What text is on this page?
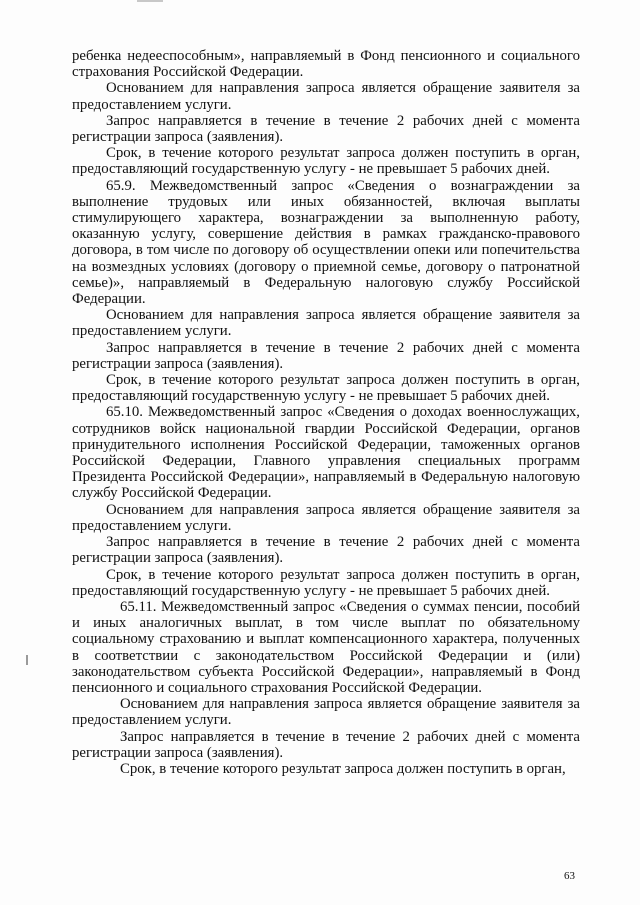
ребенка недееспособным», направляемый в Фонд пенсионного и социального страхования Российской Федерации.

Основанием для направления запроса является обращение заявителя за предоставлением услуги.

Запрос направляется в течение в течение 2 рабочих дней с момента регистрации запроса (заявления).

Срок, в течение которого результат запроса должен поступить в орган, предоставляющий государственную услугу - не превышает 5 рабочих дней.

65.9. Межведомственный запрос «Сведения о вознаграждении за выполнение трудовых или иных обязанностей, включая выплаты стимулирующего характера, вознаграждении за выполненную работу, оказанную услугу, совершение действия в рамках гражданско-правового договора, в том числе по договору об осуществлении опеки или попечительства на возмездных условиях (договору о приемной семье, договору о патронатной семье)», направляемый в Федеральную налоговую службу Российской Федерации.

Основанием для направления запроса является обращение заявителя за предоставлением услуги.

Запрос направляется в течение в течение 2 рабочих дней с момента регистрации запроса (заявления).

Срок, в течение которого результат запроса должен поступить в орган, предоставляющий государственную услугу - не превышает 5 рабочих дней.

65.10. Межведомственный запрос «Сведения о доходах военнослужащих, сотрудников войск национальной гвардии Российской Федерации, органов принудительного исполнения Российской Федерации, таможенных органов Российской Федерации, Главного управления специальных программ Президента Российской Федерации», направляемый в Федеральную налоговую службу Российской Федерации.

Основанием для направления запроса является обращение заявителя за предоставлением услуги.

Запрос направляется в течение в течение 2 рабочих дней с момента регистрации запроса (заявления).

Срок, в течение которого результат запроса должен поступить в орган, предоставляющий государственную услугу - не превышает 5 рабочих дней.

65.11. Межведомственный запрос «Сведения о суммах пенсии, пособий и иных аналогичных выплат, в том числе выплат по обязательному социальному страхованию и выплат компенсационного характера, полученных в соответствии с законодательством Российской Федерации и (или) законодательством субъекта Российской Федерации», направляемый в Фонд пенсионного и социального страхования Российской Федерации.

Основанием для направления запроса является обращение заявителя за предоставлением услуги.

Запрос направляется в течение в течение 2 рабочих дней с момента регистрации запроса (заявления).

Срок, в течение которого результат запроса должен поступить в орган,

63
